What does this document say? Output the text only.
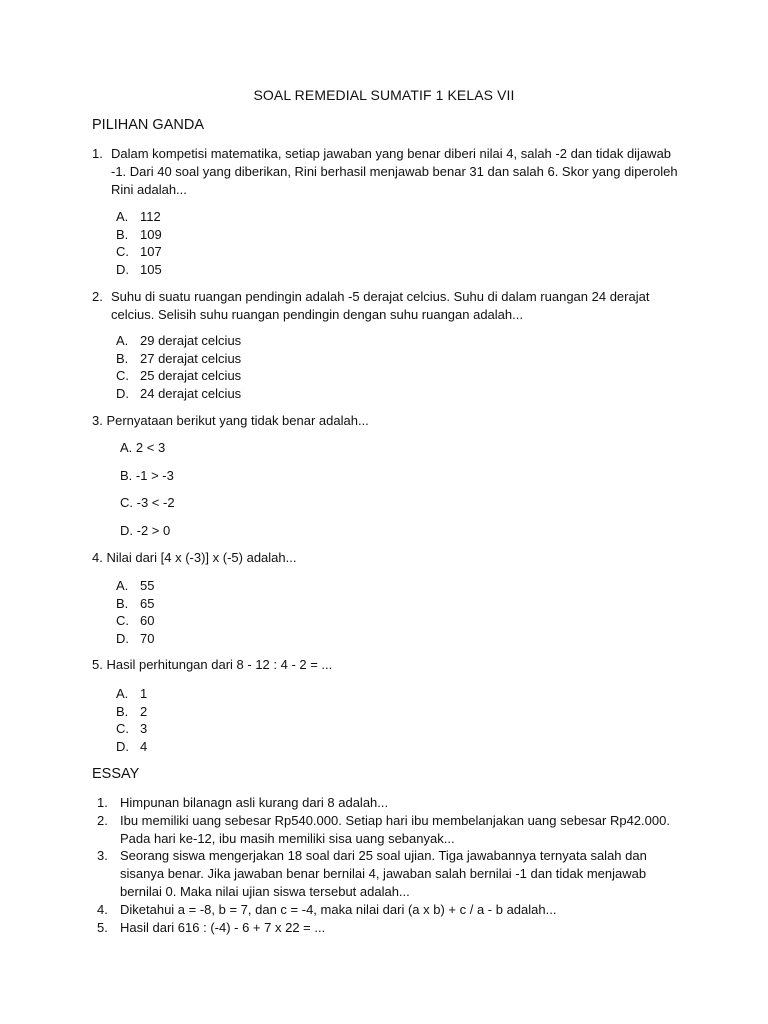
SOAL REMEDIAL SUMATIF 1 KELAS VII
PILIHAN GANDA
1. Dalam kompetisi matematika, setiap jawaban yang benar diberi nilai 4, salah -2 dan tidak dijawab -1. Dari 40 soal yang diberikan, Rini berhasil menjawab benar 31 dan salah 6. Skor yang diperoleh Rini adalah...
A. 112
B. 109
C. 107
D. 105
2. Suhu di suatu ruangan pendingin adalah -5 derajat celcius. Suhu di dalam ruangan 24 derajat celcius. Selisih suhu ruangan pendingin dengan suhu ruangan adalah...
A. 29 derajat celcius
B. 27 derajat celcius
C. 25 derajat celcius
D. 24 derajat celcius
3. Pernyataan berikut yang tidak benar adalah...
A. 2 < 3
B. -1 > -3
C. -3 < -2
D. -2 > 0
4. Nilai dari [4 x (-3)] x (-5) adalah...
A. 55
B. 65
C. 60
D. 70
5. Hasil perhitungan dari 8 - 12 : 4 - 2 = ...
A. 1
B. 2
C. 3
D. 4
ESSAY
1. Himpunan bilanagn asli kurang dari 8 adalah...
2. Ibu memiliki uang sebesar Rp540.000. Setiap hari ibu membelanjakan uang sebesar Rp42.000. Pada hari ke-12, ibu masih memiliki sisa uang sebanyak...
3. Seorang siswa mengerjakan 18 soal dari 25 soal ujian. Tiga jawabannya ternyata salah dan sisanya benar. Jika jawaban benar bernilai 4, jawaban salah bernilai -1 dan tidak menjawab bernilai 0. Maka nilai ujian siswa tersebut adalah...
4. Diketahui a = -8, b = 7, dan c = -4, maka nilai dari (a x b) + c / a - b adalah...
5. Hasil dari 616 : (-4) - 6 + 7 x 22 = ...
